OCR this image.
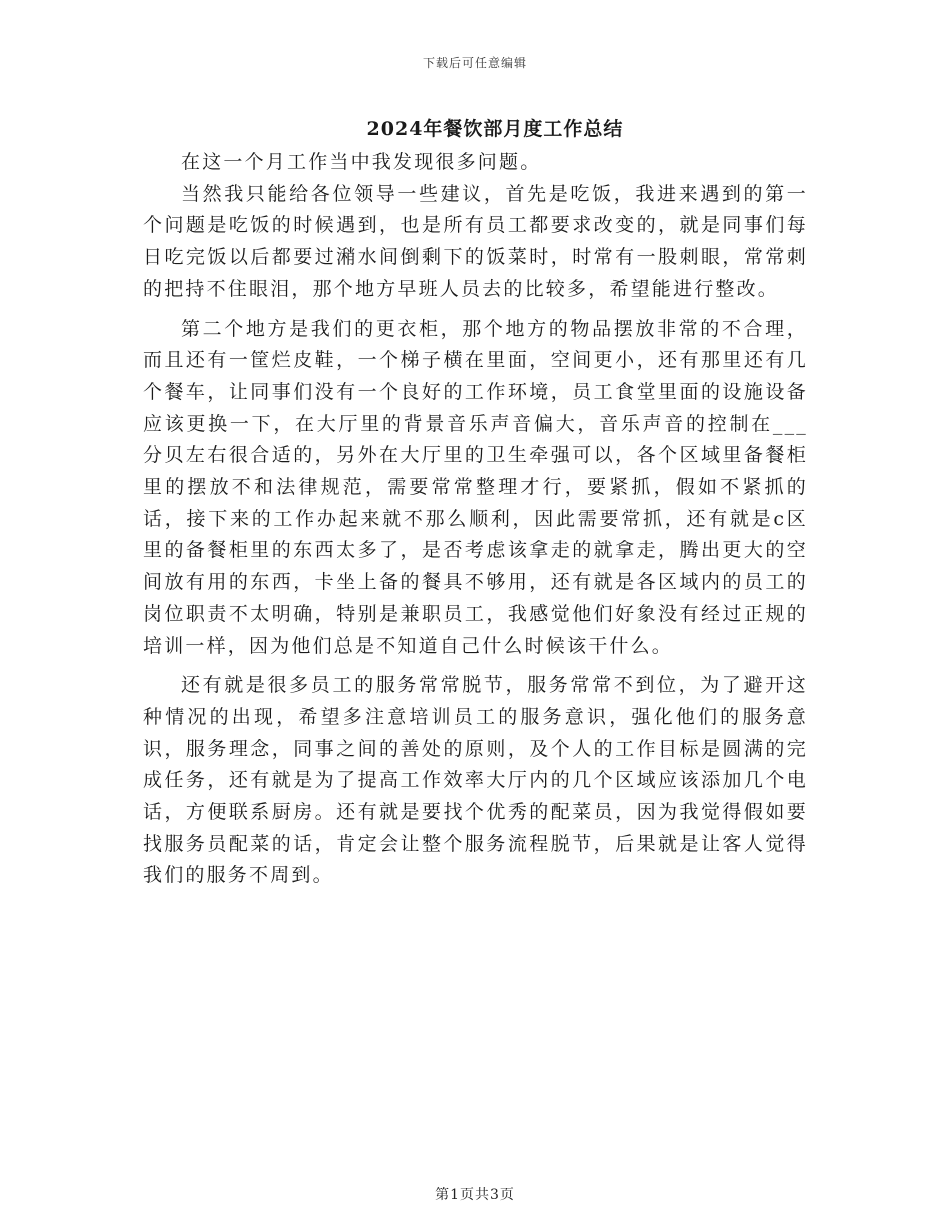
下载后可任意编辑
2024年餐饮部月度工作总结

在这一个月工作当中我发现很多问题。

当然我只能给各位领导一些建议，首先是吃饭，我进来遇到的第一个问题是吃饭的时候遇到，也是所有员工都要求改变的，就是同事们每日吃完饭以后都要过潲水间倒剩下的饭菜时，时常有一股刺眼，常常刺的把持不住眼泪，那个地方早班人员去的比较多，希望能进行整改。

第二个地方是我们的更衣柜，那个地方的物品摆放非常的不合理，而且还有一筐烂皮鞋，一个梯子横在里面，空间更小，还有那里还有几个餐车，让同事们没有一个良好的工作环境，员工食堂里面的设施设备应该更换一下，在大厅里的背景音乐声音偏大，音乐声音的控制在___分贝左右很合适的，另外在大厅里的卫生牵强可以，各个区域里备餐柜里的摆放不和法律规范，需要常常整理才行，要紧抓，假如不紧抓的话，接下来的工作办起来就不那么顺利，因此需要常抓，还有就是c区里的备餐柜里的东西太多了，是否考虑该拿走的就拿走，腾出更大的空间放有用的东西，卡坐上备的餐具不够用，还有就是各区域内的员工的岗位职责不太明确，特别是兼职员工，我感觉他们好象没有经过正规的培训一样，因为他们总是不知道自己什么时候该干什么。

还有就是很多员工的服务常常脱节，服务常常不到位，为了避开这种情况的出现，希望多注意培训员工的服务意识，强化他们的服务意识，服务理念，同事之间的善处的原则，及个人的工作目标是圆满的完成任务，还有就是为了提高工作效率大厅内的几个区域应该添加几个电话，方便联系厨房。还有就是要找个优秀的配菜员，因为我觉得假如要找服务员配菜的话，肯定会让整个服务流程脱节，后果就是让客人觉得我们的服务不周到。

第1页共3页
